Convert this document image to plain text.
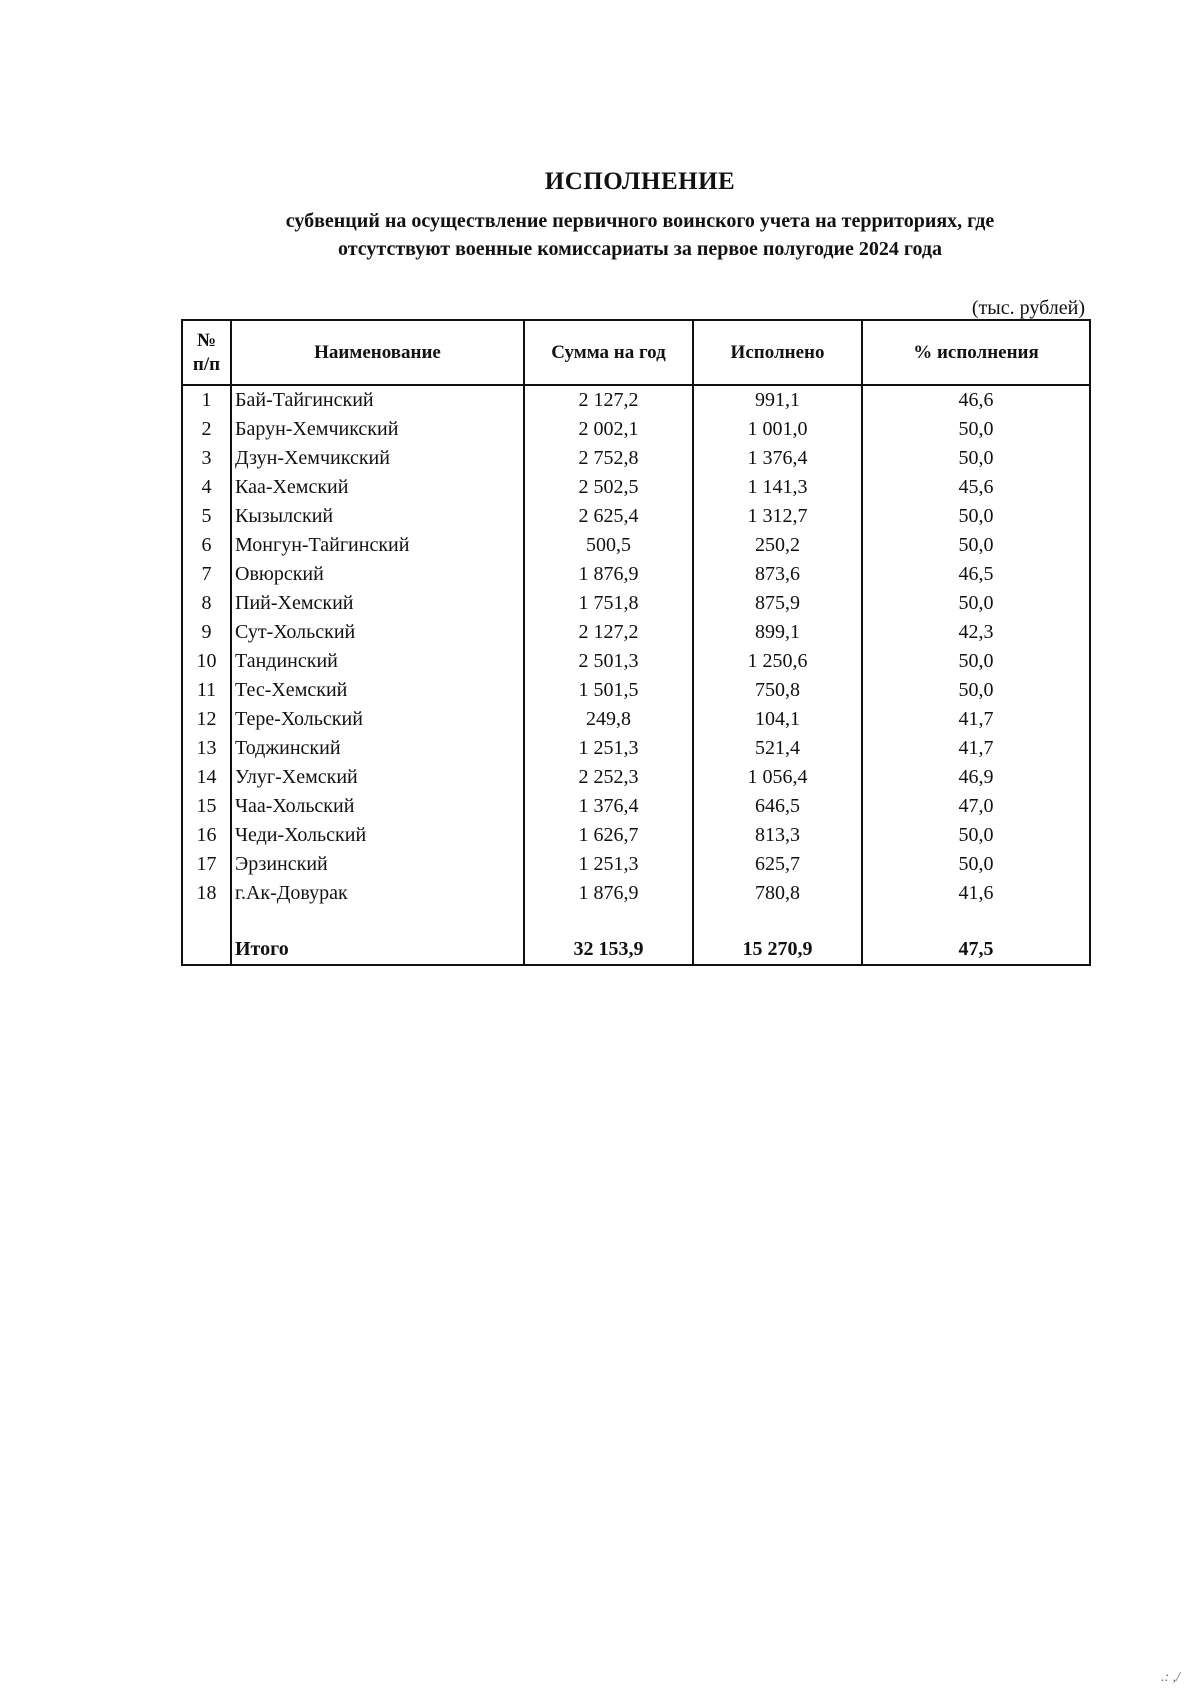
ИСПОЛНЕНИЕ
субвенций на осуществление первичного воинского учета на территориях, где
отсутствуют военные комиссариаты за первое полугодие 2024 года
(тыс. рублей)
№
п/п	Наименование	Сумма на год	Исполнено	% исполнения
1	Бай-Тайгинский	2 127,2	991,1	46,6
2	Барун-Хемчикский	2 002,1	1 001,0	50,0
3	Дзун-Хемчикский	2 752,8	1 376,4	50,0
4	Каа-Хемский	2 502,5	1 141,3	45,6
5	Кызылский	2 625,4	1 312,7	50,0
6	Монгун-Тайгинский	500,5	250,2	50,0
7	Овюрский	1 876,9	873,6	46,5
8	Пий-Хемский	1 751,8	875,9	50,0
9	Сут-Хольский	2 127,2	899,1	42,3
10	Тандинский	2 501,3	1 250,6	50,0
11	Тес-Хемский	1 501,5	750,8	50,0
12	Тере-Хольский	249,8	104,1	41,7
13	Тоджинский	1 251,3	521,4	41,7
14	Улуг-Хемский	2 252,3	1 056,4	46,9
15	Чаа-Хольский	1 376,4	646,5	47,0
16	Чеди-Хольский	1 626,7	813,3	50,0
17	Эрзинский	1 251,3	625,7	50,0
18	г.Ак-Довурак	1 876,9	780,8	41,6

	Итого	32 153,9	15 270,9	47,5
.: ,/
